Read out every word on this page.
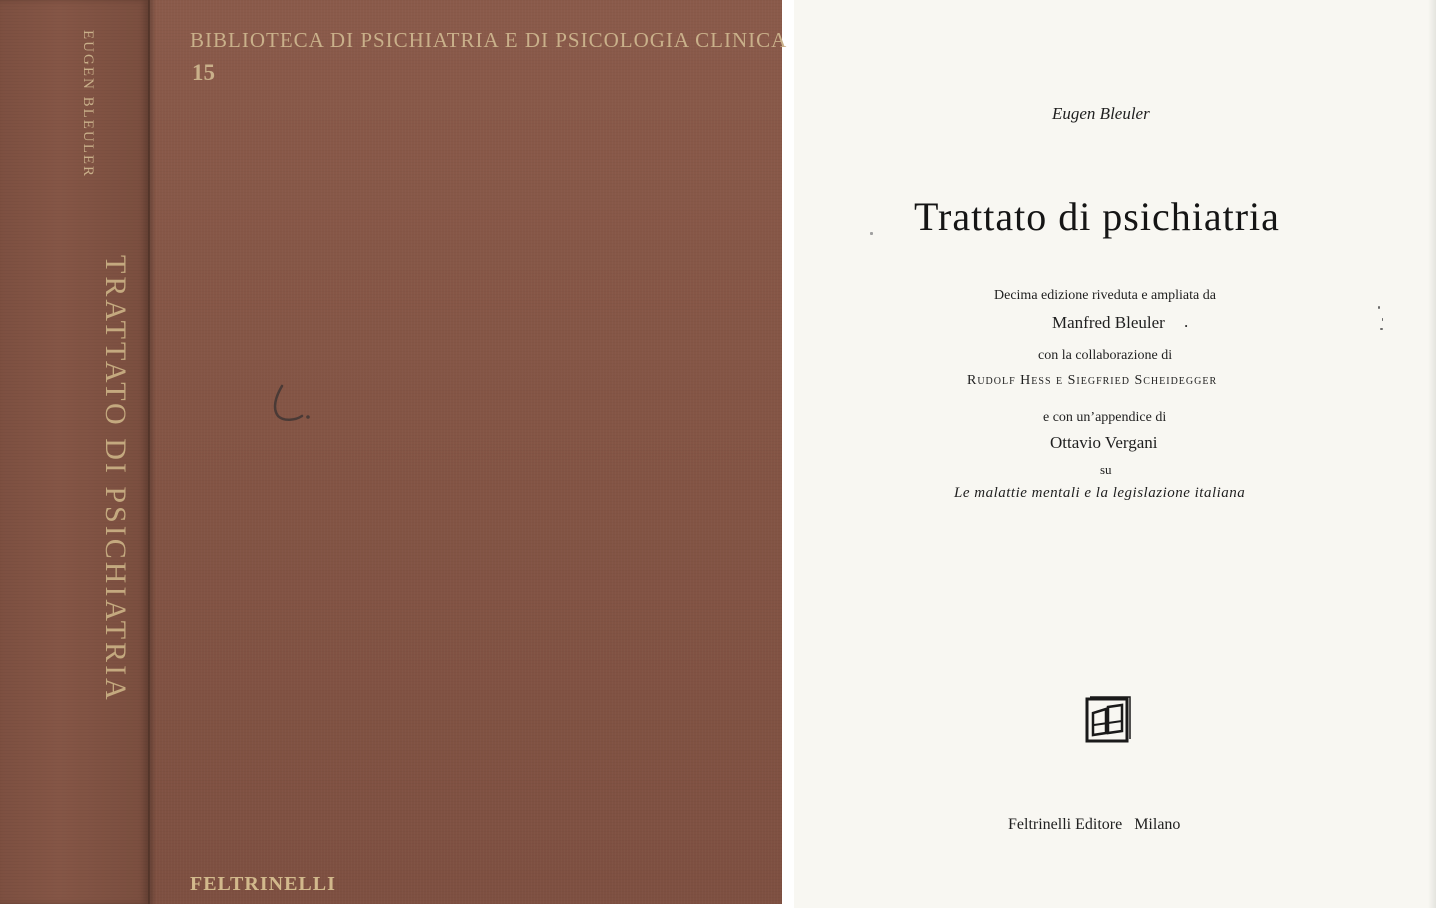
EUGEN BLEULER
TRATTATO DI PSICHIATRIA
BIBLIOTECA DI PSICHIATRIA E DI PSICOLOGIA CLINICA
15
FELTRINELLI
Eugen Bleuler
Trattato di psichiatria
Decima edizione riveduta e ampliata da
Manfred Bleuler .
con la collaborazione di
Rudolf Hess e Siegfried Scheidegger
e con un’appendice di
Ottavio Vergani
su
Le malattie mentali e la legislazione italiana
Feltrinelli Editore   Milano
